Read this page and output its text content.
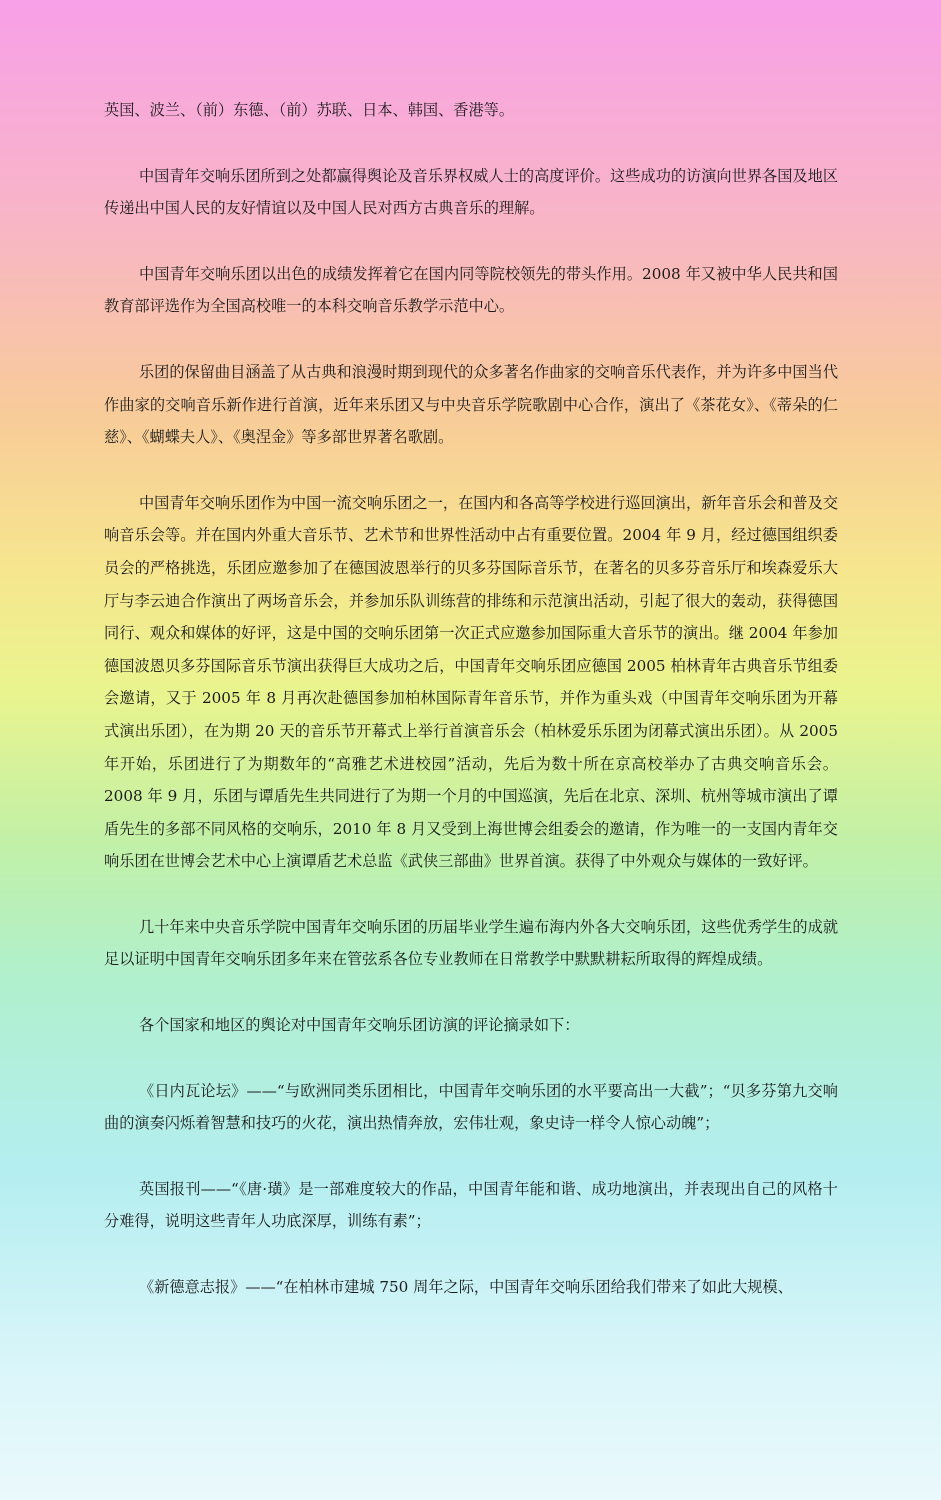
英国、波兰、（前）东德、（前）苏联、日本、韩国、香港等。

中国青年交响乐团所到之处都赢得舆论及音乐界权威人士的高度评价。这些成功的访演向世界各国及地区传递出中国人民的友好情谊以及中国人民对西方古典音乐的理解。

中国青年交响乐团以出色的成绩发挥着它在国内同等院校领先的带头作用。2008 年又被中华人民共和国教育部评选作为全国高校唯一的本科交响音乐教学示范中心。

乐团的保留曲目涵盖了从古典和浪漫时期到现代的众多著名作曲家的交响音乐代表作，并为许多中国当代作曲家的交响音乐新作进行首演，近年来乐团又与中央音乐学院歌剧中心合作，演出了《茶花女》、《蒂朵的仁慈》、《蝴蝶夫人》、《奥涅金》等多部世界著名歌剧。

中国青年交响乐团作为中国一流交响乐团之一，在国内和各高等学校进行巡回演出，新年音乐会和普及交响音乐会等。并在国内外重大音乐节、艺术节和世界性活动中占有重要位置。2004 年 9 月，经过德国组织委员会的严格挑选，乐团应邀参加了在德国波恩举行的贝多芬国际音乐节，在著名的贝多芬音乐厅和埃森爱乐大厅与李云迪合作演出了两场音乐会，并参加乐队训练营的排练和示范演出活动，引起了很大的轰动，获得德国同行、观众和媒体的好评，这是中国的交响乐团第一次正式应邀参加国际重大音乐节的演出。继 2004 年参加德国波恩贝多芬国际音乐节演出获得巨大成功之后，中国青年交响乐团应德国 2005 柏林青年古典音乐节组委会邀请，又于 2005 年 8 月再次赴德国参加柏林国际青年音乐节，并作为重头戏（中国青年交响乐团为开幕式演出乐团），在为期 20 天的音乐节开幕式上举行首演音乐会（柏林爱乐乐团为闭幕式演出乐团）。从 2005 年开始，乐团进行了为期数年的“高雅艺术进校园”活动，先后为数十所在京高校举办了古典交响音乐会。2008 年 9 月，乐团与谭盾先生共同进行了为期一个月的中国巡演，先后在北京、深圳、杭州等城市演出了谭盾先生的多部不同风格的交响乐，2010 年 8 月又受到上海世博会组委会的邀请，作为唯一的一支国内青年交响乐团在世博会艺术中心上演谭盾艺术总监《武侠三部曲》世界首演。获得了中外观众与媒体的一致好评。

几十年来中央音乐学院中国青年交响乐团的历届毕业学生遍布海内外各大交响乐团，这些优秀学生的成就足以证明中国青年交响乐团多年来在管弦系各位专业教师在日常教学中默默耕耘所取得的辉煌成绩。

各个国家和地区的舆论对中国青年交响乐团访演的评论摘录如下：

《日内瓦论坛》——“与欧洲同类乐团相比，中国青年交响乐团的水平要高出一大截”；“贝多芬第九交响曲的演奏闪烁着智慧和技巧的火花，演出热情奔放，宏伟壮观，象史诗一样令人惊心动魄”；

英国报刊——“《唐·璜》是一部难度较大的作品，中国青年能和谐、成功地演出，并表现出自己的风格十分难得，说明这些青年人功底深厚，训练有素”；

《新德意志报》——“在柏林市建城 750 周年之际，中国青年交响乐团给我们带来了如此大规模、
